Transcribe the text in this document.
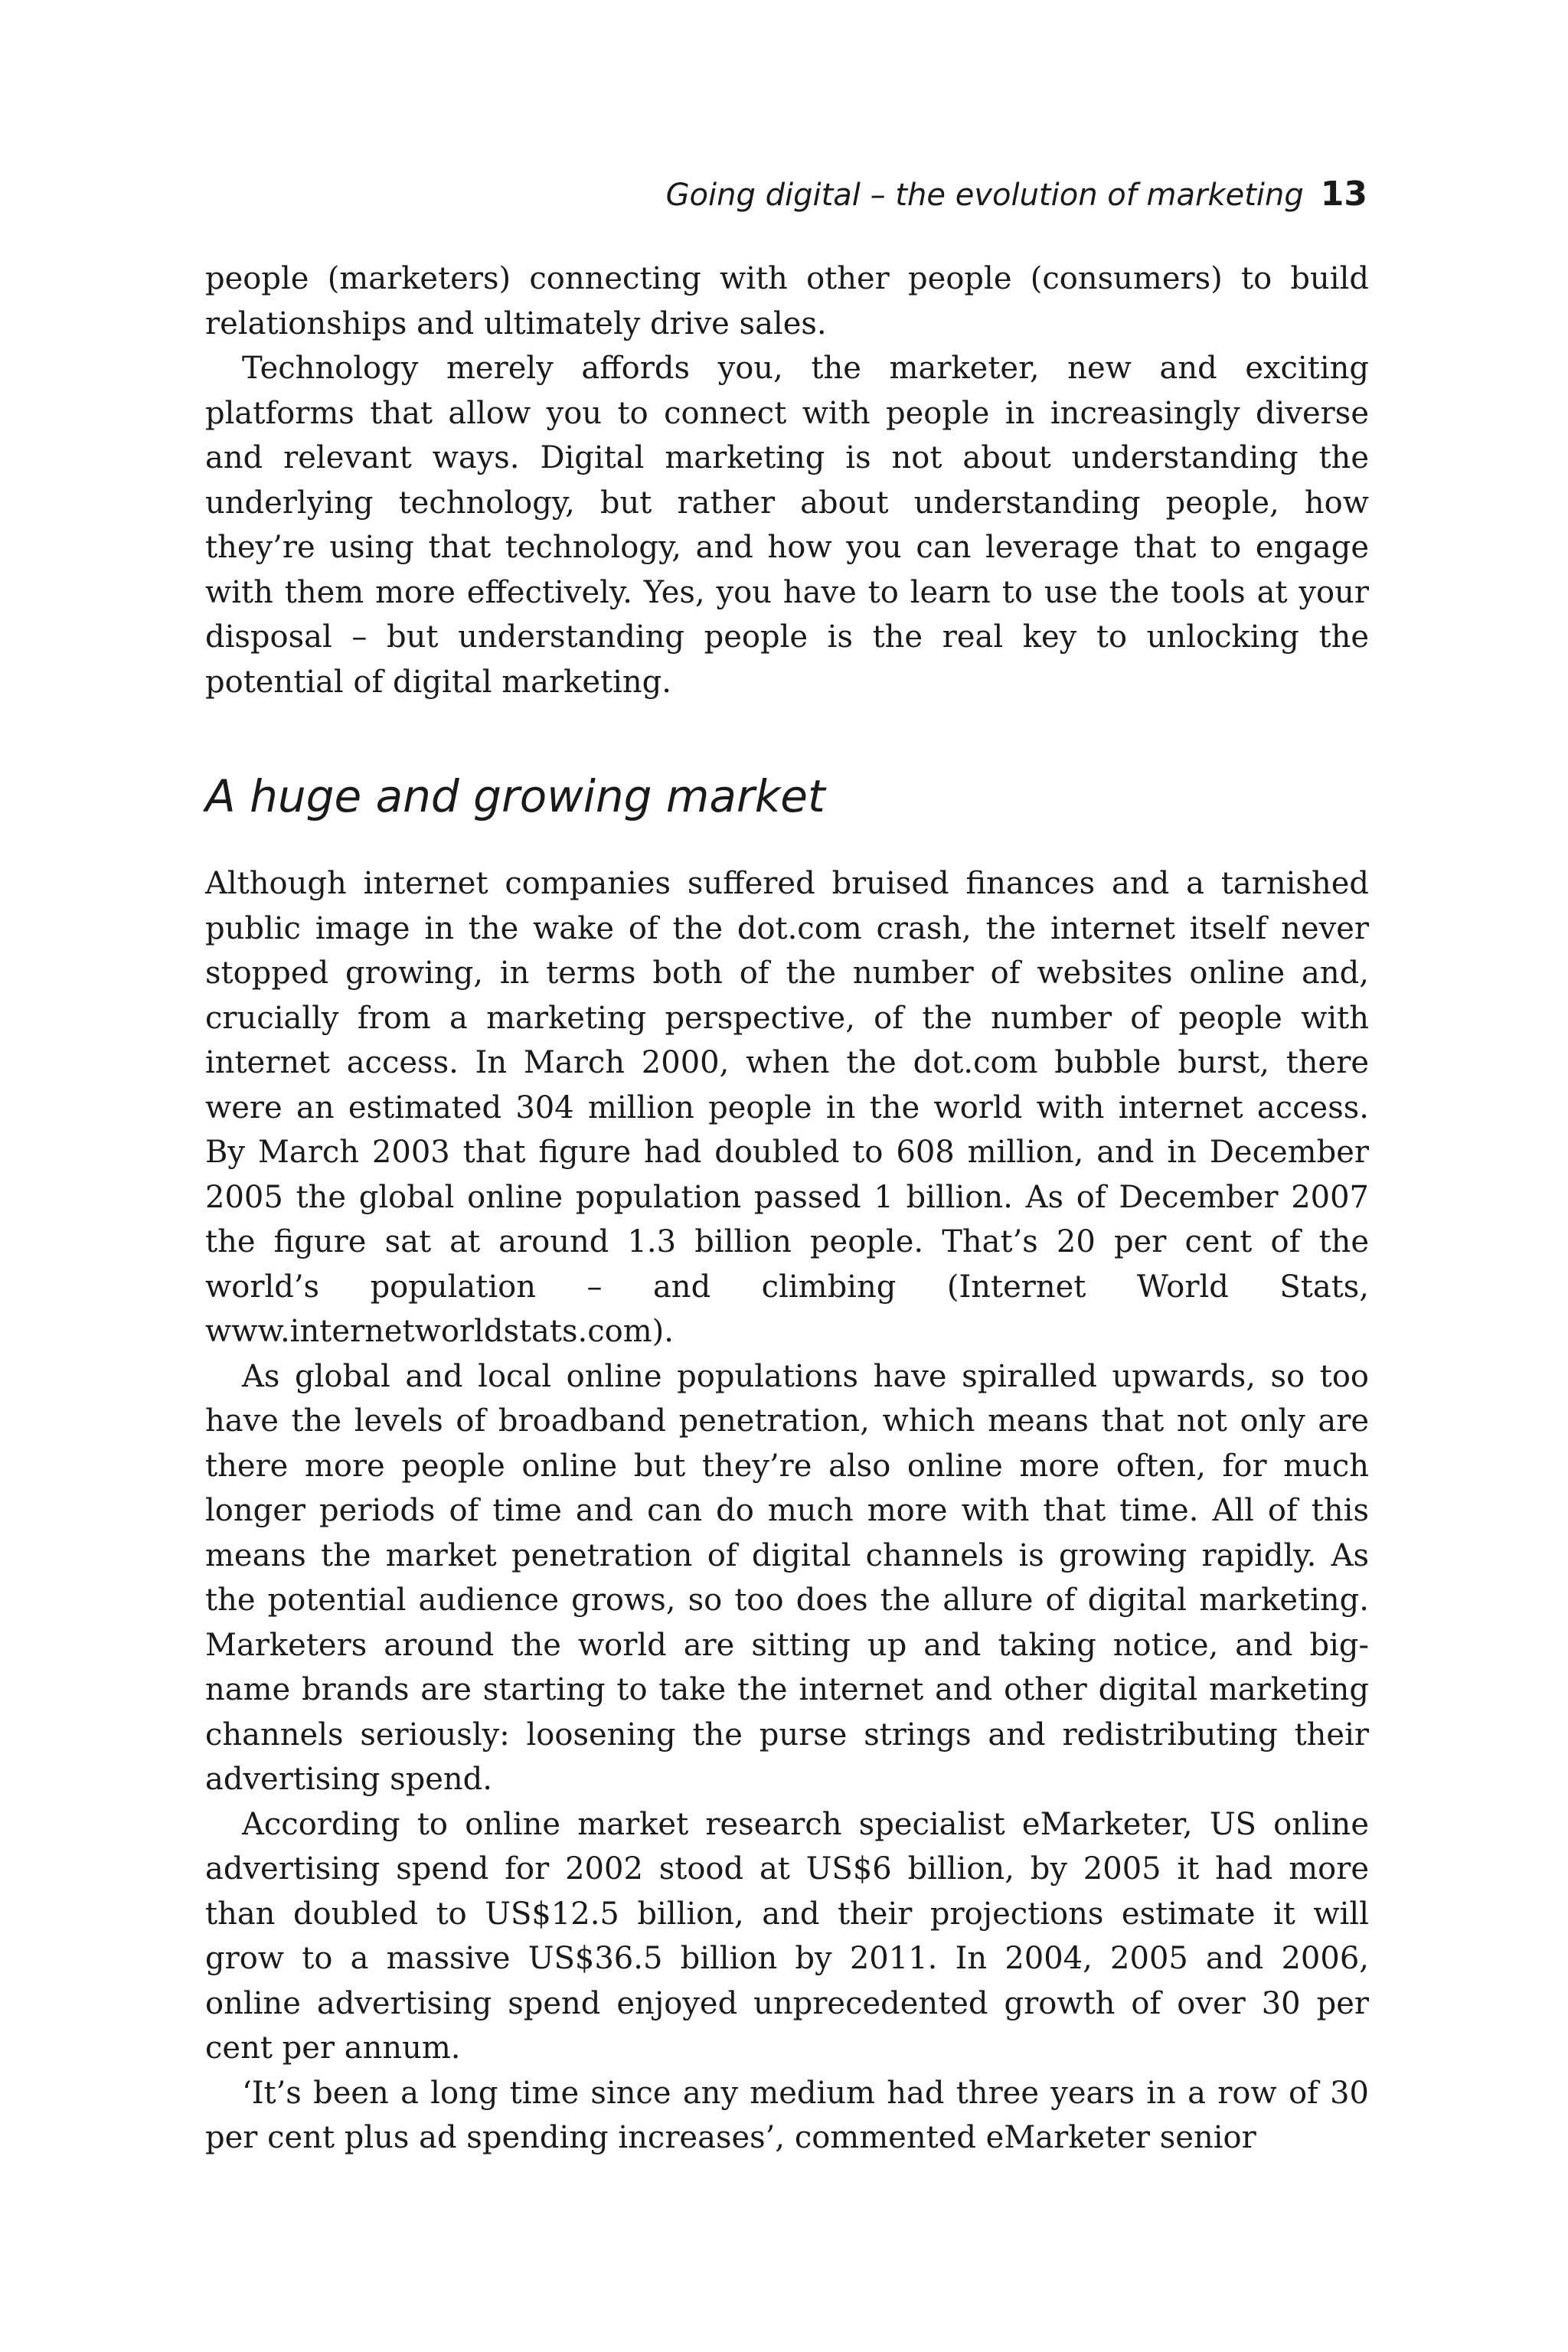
Going digital – the evolution of marketing 13

people (marketers) connecting with other people (consumers) to build relationships and ultimately drive sales.

Technology merely affords you, the marketer, new and exciting platforms that allow you to connect with people in increasingly diverse and relevant ways. Digital marketing is not about understanding the underlying technology, but rather about understanding people, how they’re using that technology, and how you can leverage that to engage with them more effectively. Yes, you have to learn to use the tools at your disposal – but understanding people is the real key to unlocking the potential of digital marketing.

A huge and growing market

Although internet companies suffered bruised finances and a tarnished public image in the wake of the dot.com crash, the internet itself never stopped growing, in terms both of the number of websites online and, crucially from a marketing perspective, of the number of people with internet access. In March 2000, when the dot.com bubble burst, there were an estimated 304 million people in the world with internet access. By March 2003 that figure had doubled to 608 million, and in December 2005 the global online population passed 1 billion. As of December 2007 the figure sat at around 1.3 billion people. That’s 20 per cent of the world’s population – and climbing (Internet World Stats, www.internetworldstats.com).

As global and local online populations have spiralled upwards, so too have the levels of broadband penetration, which means that not only are there more people online but they’re also online more often, for much longer periods of time and can do much more with that time. All of this means the market penetration of digital channels is growing rapidly. As the potential audience grows, so too does the allure of digital marketing. Marketers around the world are sitting up and taking notice, and big-name brands are starting to take the internet and other digital marketing channels seriously: loosening the purse strings and redistributing their advertising spend.

According to online market research specialist eMarketer, US online advertising spend for 2002 stood at US$6 billion, by 2005 it had more than doubled to US$12.5 billion, and their projections estimate it will grow to a massive US$36.5 billion by 2011. In 2004, 2005 and 2006, online advertising spend enjoyed unprecedented growth of over 30 per cent per annum.

‘It’s been a long time since any medium had three years in a row of 30 per cent plus ad spending increases’, commented eMarketer senior
